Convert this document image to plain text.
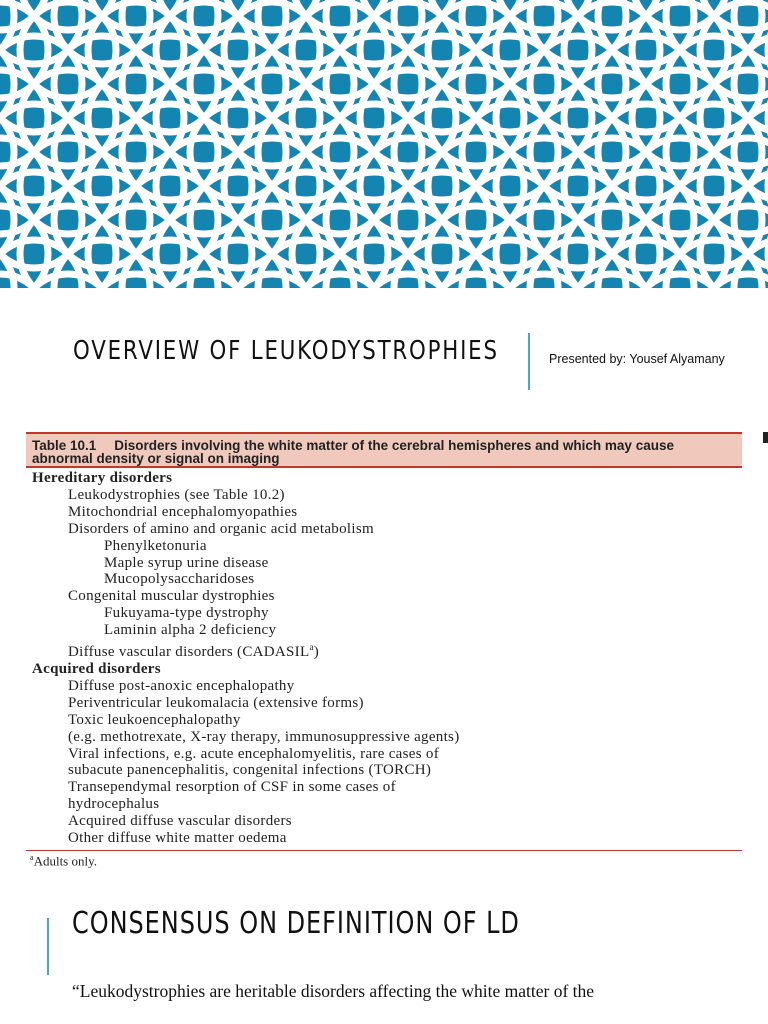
OVERVIEW OF LEUKODYSTROPHIES	Presented by: Yousef Alyamany
Table 10.1 Disorders involving the white matter of the cerebral hemispheres and which may cause abnormal density or signal on imaging
Hereditary disorders
Leukodystrophies (see Table 10.2)
Mitochondrial encephalomyopathies
Disorders of amino and organic acid metabolism
Phenylketonuria
Maple syrup urine disease
Mucopolysaccharidoses
Congenital muscular dystrophies
Fukuyama-type dystrophy
Laminin alpha 2 deficiency
Diffuse vascular disorders (CADASIL$^a$)
Acquired disorders
Diffuse post-anoxic encephalopathy
Periventricular leukomalacia (extensive forms)
Toxic leukoencephalopathy
(e.g. methotrexate, X-ray therapy, immunosuppressive agents)
Viral infections, e.g. acute encephalomyelitis, rare cases of
subacute panencephalitis, congenital infections (TORCH)
Transependymal resorption of CSF in some cases of
hydrocephalus
Acquired diffuse vascular disorders
Other diffuse white matter oedema
$^a$Adults only.
CONSENSUS ON DEFINITION OF LD
“Leukodystrophies are heritable disorders affecting the white matter of the
